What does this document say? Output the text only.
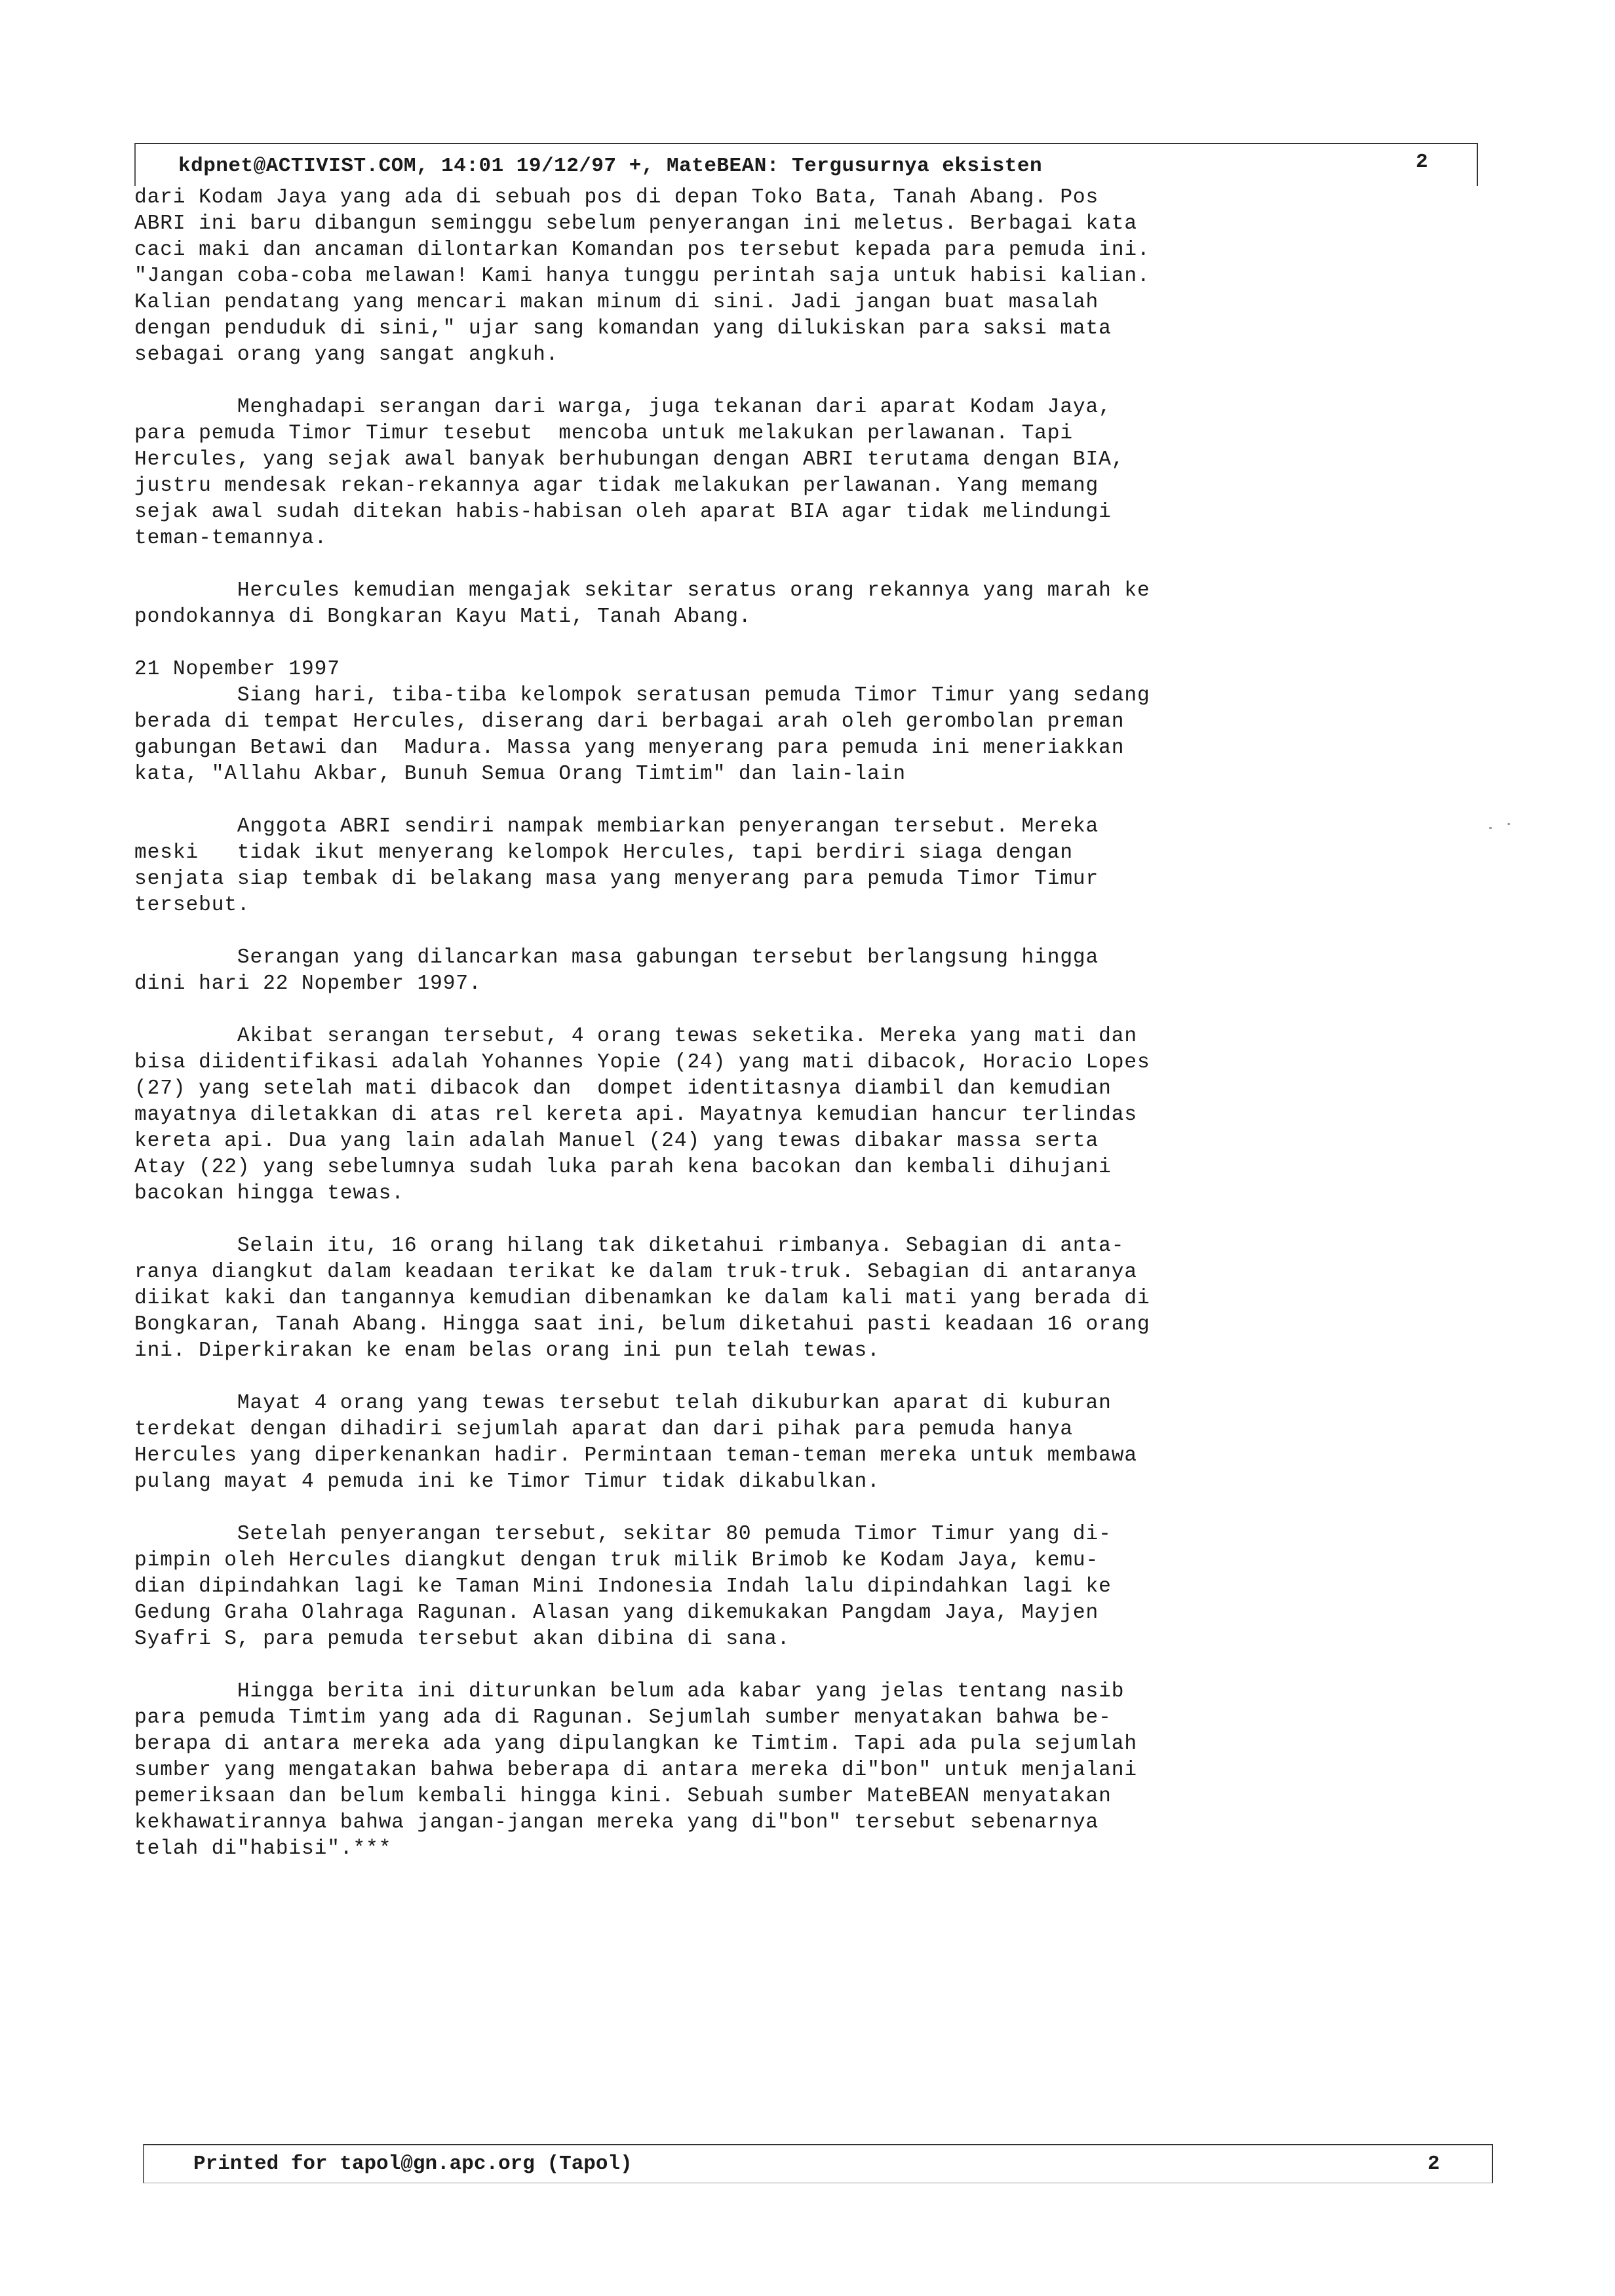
kdpnet@ACTIVIST.COM, 14:01 19/12/97 +, MateBEAN: Tergusurnya eksisten	2
dari Kodam Jaya yang ada di sebuah pos di depan Toko Bata, Tanah Abang. Pos
ABRI ini baru dibangun seminggu sebelum penyerangan ini meletus. Berbagai kata
caci maki dan ancaman dilontarkan Komandan pos tersebut kepada para pemuda ini.
"Jangan coba-coba melawan! Kami hanya tunggu perintah saja untuk habisi kalian.
Kalian pendatang yang mencari makan minum di sini. Jadi jangan buat masalah
dengan penduduk di sini," ujar sang komandan yang dilukiskan para saksi mata
sebagai orang yang sangat angkuh.
Menghadapi serangan dari warga, juga tekanan dari aparat Kodam Jaya,
para pemuda Timor Timur tesebut  mencoba untuk melakukan perlawanan. Tapi
Hercules, yang sejak awal banyak berhubungan dengan ABRI terutama dengan BIA,
justru mendesak rekan-rekannya agar tidak melakukan perlawanan. Yang memang
sejak awal sudah ditekan habis-habisan oleh aparat BIA agar tidak melindungi
teman-temannya.
Hercules kemudian mengajak sekitar seratus orang rekannya yang marah ke
pondokannya di Bongkaran Kayu Mati, Tanah Abang.
21 Nopember 1997
Siang hari, tiba-tiba kelompok seratusan pemuda Timor Timur yang sedang
berada di tempat Hercules, diserang dari berbagai arah oleh gerombolan preman
gabungan Betawi dan  Madura. Massa yang menyerang para pemuda ini meneriakkan
kata, "Allahu Akbar, Bunuh Semua Orang Timtim" dan lain-lain
Anggota ABRI sendiri nampak membiarkan penyerangan tersebut. Mereka
meski   tidak ikut menyerang kelompok Hercules, tapi berdiri siaga dengan
senjata siap tembak di belakang masa yang menyerang para pemuda Timor Timur
tersebut.
Serangan yang dilancarkan masa gabungan tersebut berlangsung hingga
dini hari 22 Nopember 1997.
Akibat serangan tersebut, 4 orang tewas seketika. Mereka yang mati dan
bisa diidentifikasi adalah Yohannes Yopie (24) yang mati dibacok, Horacio Lopes
(27) yang setelah mati dibacok dan  dompet identitasnya diambil dan kemudian
mayatnya diletakkan di atas rel kereta api. Mayatnya kemudian hancur terlindas
kereta api. Dua yang lain adalah Manuel (24) yang tewas dibakar massa serta
Atay (22) yang sebelumnya sudah luka parah kena bacokan dan kembali dihujani
bacokan hingga tewas.
Selain itu, 16 orang hilang tak diketahui rimbanya. Sebagian di anta-
ranya diangkut dalam keadaan terikat ke dalam truk-truk. Sebagian di antaranya
diikat kaki dan tangannya kemudian dibenamkan ke dalam kali mati yang berada di
Bongkaran, Tanah Abang. Hingga saat ini, belum diketahui pasti keadaan 16 orang
ini. Diperkirakan ke enam belas orang ini pun telah tewas.
Mayat 4 orang yang tewas tersebut telah dikuburkan aparat di kuburan
terdekat dengan dihadiri sejumlah aparat dan dari pihak para pemuda hanya
Hercules yang diperkenankan hadir. Permintaan teman-teman mereka untuk membawa
pulang mayat 4 pemuda ini ke Timor Timur tidak dikabulkan.
Setelah penyerangan tersebut, sekitar 80 pemuda Timor Timur yang di-
pimpin oleh Hercules diangkut dengan truk milik Brimob ke Kodam Jaya, kemu-
dian dipindahkan lagi ke Taman Mini Indonesia Indah lalu dipindahkan lagi ke
Gedung Graha Olahraga Ragunan. Alasan yang dikemukakan Pangdam Jaya, Mayjen
Syafri S, para pemuda tersebut akan dibina di sana.
Hingga berita ini diturunkan belum ada kabar yang jelas tentang nasib
para pemuda Timtim yang ada di Ragunan. Sejumlah sumber menyatakan bahwa be-
berapa di antara mereka ada yang dipulangkan ke Timtim. Tapi ada pula sejumlah
sumber yang mengatakan bahwa beberapa di antara mereka di"bon" untuk menjalani
pemeriksaan dan belum kembali hingga kini. Sebuah sumber MateBEAN menyatakan
kekhawatirannya bahwa jangan-jangan mereka yang di"bon" tersebut sebenarnya
telah di"habisi".***
Printed for tapol@gn.apc.org (Tapol)	2
